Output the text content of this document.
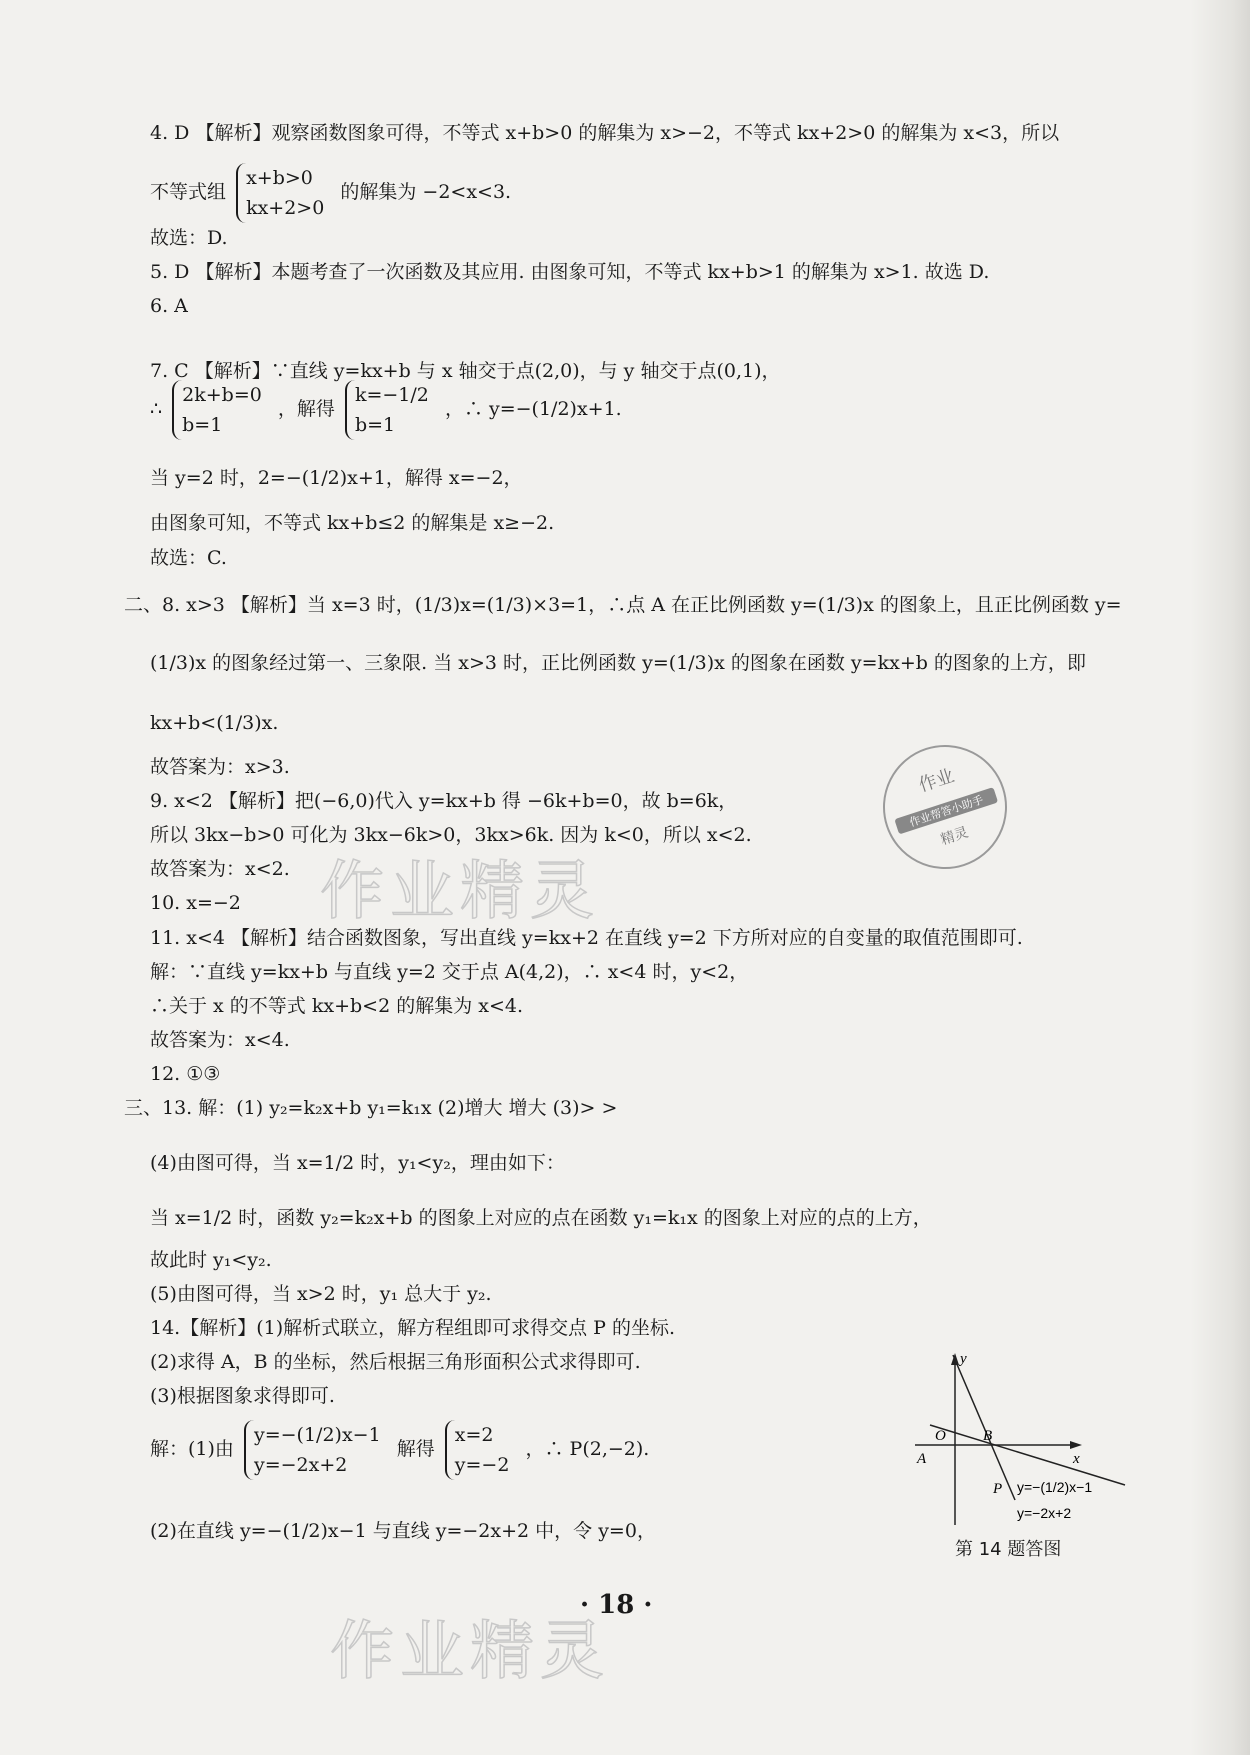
4. D 【解析】观察函数图象可得，不等式 x+b>0 的解集为 x>−2，不等式 kx+2>0 的解集为 x<3，所以
不等式组
x+b>0
kx+2>0
的解集为 −2<x<3.
故选：D.
5. D 【解析】本题考查了一次函数及其应用. 由图象可知，不等式 kx+b>1 的解集为 x>1. 故选 D.
6. A
7. C 【解析】∵直线 y=kx+b 与 x 轴交于点(2,0)，与 y 轴交于点(0,1)，
∴
2k+b=0
b=1
，解得
k=−1/2
b=1
，∴ y=−(1/2)x+1.
当 y=2 时，2=−(1/2)x+1，解得 x=−2，
由图象可知，不等式 kx+b≤2 的解集是 x≥−2.
故选：C.
二、8. x>3 【解析】当 x=3 时，(1/3)x=(1/3)×3=1，∴点 A 在正比例函数 y=(1/3)x 的图象上，且正比例函数 y=
(1/3)x 的图象经过第一、三象限. 当 x>3 时，正比例函数 y=(1/3)x 的图象在函数 y=kx+b 的图象的上方，即
kx+b<(1/3)x.
故答案为：x>3.
9. x<2 【解析】把(−6,0)代入 y=kx+b 得 −6k+b=0，故 b=6k，
所以 3kx−b>0 可化为 3kx−6k>0，3kx>6k. 因为 k<0，所以 x<2.
故答案为：x<2.
10. x=−2
11. x<4 【解析】结合函数图象，写出直线 y=kx+2 在直线 y=2 下方所对应的自变量的取值范围即可.
解：∵直线 y=kx+b 与直线 y=2 交于点 A(4,2)，∴ x<4 时，y<2，
∴关于 x 的不等式 kx+b<2 的解集为 x<4.
故答案为：x<4.
12. ①③
三、13. 解：(1) y₂=k₂x+b y₁=k₁x (2)增大 增大 (3)> >
(4)由图可得，当 x=1/2 时，y₁<y₂，理由如下：
当 x=1/2 时，函数 y₂=k₂x+b 的图象上对应的点在函数 y₁=k₁x 的图象上对应的点的上方，
故此时 y₁<y₂.
(5)由图可得，当 x>2 时，y₁ 总大于 y₂.
14.【解析】(1)解析式联立，解方程组即可求得交点 P 的坐标.
(2)求得 A，B 的坐标，然后根据三角形面积公式求得即可.
(3)根据图象求得即可.
解：(1)由
y=−(1/2)x−1
y=−2x+2
解得
x=2
y=−2
，∴ P(2,−2).
(2)在直线 y=−(1/2)x−1 与直线 y=−2x+2 中，令 y=0，
y
x
O B
A
P y=−(1/2)x−1
y=−2x+2
第 14 题答图
作业
作业帮答小助手
精灵
作业精灵
作业精灵
· 18 ·
